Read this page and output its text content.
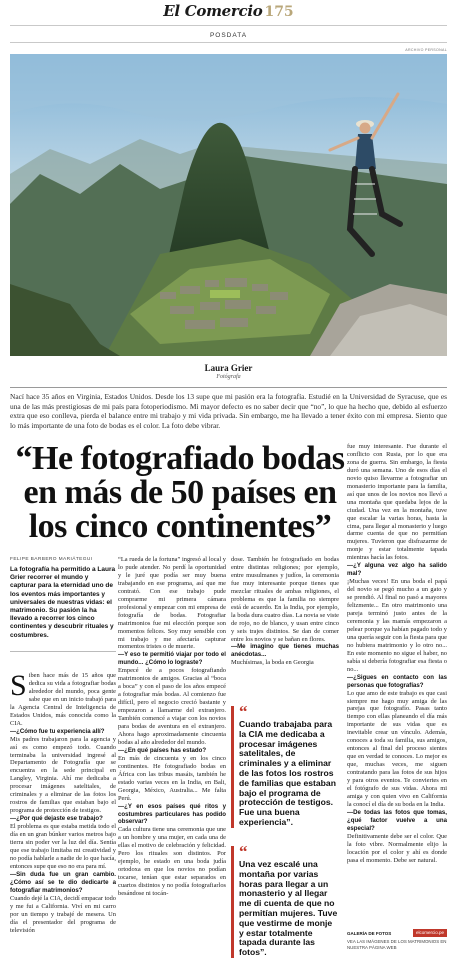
El Comercio 175
POSDATA
ARCHIVO PERSONAL
Laura Grier
Fotógrafa
Nací hace 35 años en Virginia, Estados Unidos. Desde los 13 supe que mi pasión era la fotografía. Estudié en la Universidad de Syracuse, que es una de las más prestigiosas de mi país para fotoperiodismo. Mi mayor defecto es no saber decir que “no”, lo que ha hecho que, debido al esfuerzo extra que eso conlleva, pierda el balance entre mi trabajo y mi vida privada. Sin embargo, me ha llevado a tener éxito con mi empresa. Siento que lo más importante de una foto de bodas es el color. La foto debe vibrar.
“He fotografiado bodas en más de 50 países en los cinco continentes”
FELIPE BARBERO MARIÁTEGUI
La fotografía ha permitido a Laura Grier recorrer el mundo y capturar para la eternidad uno de los eventos más importantes y universales de nuestras vidas: el matrimonio. Su pasión la ha llevado a recorrer los cinco continentes y descubrir rituales y costumbres.

Siben hace más de 15 años que dedica su vida a fotografiar bodas alrededor del mundo, poca gente sabe que en un inicio trabajó para la Agencia Central de Inteligencia de Estados Unidos, más conocida como la CIA.

—¿Cómo fue tu experiencia allí?

Mis padres trabajaron para la agencia y así es como empezó todo. Cuando terminaba la universidad ingresé al Departamento de Fotografía que se encuentra en la sede principal en Langley, Virginia. Ahí me dedicaba a procesar imágenes satelitales, de criminales y a eliminar de las fotos los rostros de familias que estaban bajo el programa de protección de testigos.

—¿Por qué dejaste ese trabajo?

El problema es que estaba metida todo el día en un gran búnker varios metros bajo tierra sin poder ver la luz del día. Sentía que ese trabajo limitaba mi creatividad y no podía hablarle a nadie de lo que hacía, entonces supe que eso no era para mí.

—Sin duda fue un gran cambio. ¿Cómo así se te dio dedicarte a fotografiar matrimonios?

Cuando dejé la CIA, decidí empacar todo y me fui a California. Viví en mi carro por un tiempo y trabajé de mesera. Un día el presentador del programa de televisión

“La rueda de la fortuna” ingresó al local y lo pude atender. No perdí la oportunidad y le juré que podía ser muy buena trabajando en ese programa, así que me contrató. Con ese trabajo pude comprarme mi primera cámara profesional y empezar con mi empresa de fotografía de bodas. Fotografiar matrimonios fue mi elección porque son momentos felices. Soy muy sensible con mi trabajo y me afectaría capturar momentos tristes o de muerte.

—Y eso te permitió viajar por todo el mundo... ¿Cómo lo lograste?

Empecé de a pocos fotografiando matrimonios de amigos. Gracias al “boca a boca” y con el paso de los años empecé a fotografiar más bodas. Al comienzo fue difícil, pero el negocio creció bastante y empezaron a llamarme del extranjero. También comencé a viajar con los novios para bodas de aventura en el extranjero. Ahora hago aproximadamente cincuenta bodas al año alrededor del mundo.

—¿En qué países has estado?

En más de cincuenta y en los cinco continentes. He fotografiado bodas en África con las tribus masáis, también he estado varias veces en la India, en Bali, Georgia, México, Australia... Me falta Perú.

—¿Y en esos países qué ritos y costumbres particulares has podido observar?

Cada cultura tiene una ceremonia que une a un hombre y una mujer, en cada una de ellas el motivo de celebración y felicidad. Pero los rituales son distintos. Por ejemplo, he estado en una boda judía ortodoxa en que los novios no podían tocarse, tenían que estar separados en cuartos distintos y no podía fotografiarlos besándose ni tocán-

dose. También he fotografiado en bodas entre distintas religiones; por ejemplo, entre musulmanes y judíos, la ceremonia fue muy interesante porque tienes que mezclar rituales de ambas religiones, el problema es que la familia no siempre está de acuerdo. En la India, por ejemplo, la boda dura cuatro días. La novia se viste de rojo, no de blanco, y usan entre cinco y seis trajes distintos. Se dan de comer entre los novios y se bañan en flores.

—Me imagino que tienes muchas anécdotas...

Muchísimas, la boda en Georgia

fue muy interesante. Fue durante el conflicto con Rusia, por lo que era zona de guerra. Sin embargo, la fiesta duró una semana. Uno de esos días el novio quiso llevarme a fotografiar un monasterio importante para la familia, así que unos de los novios nos llevó a una montaña que quedaba lejos de la ciudad. Una vez en la montaña, tuve que escalar la varias horas, hasta la cima, para llegar al monasterio y luego darme cuenta de que no permitían mujeres. Tuvieron que disfrazarme de monje y estar totalmente tapada mientras hacía las fotos.

—¿Y alguna vez algo ha salido mal?

¡Muchas veces! En una boda el papá del novio se pegó mucho a un gato y se prendió. Al final no pasó a mayores felizmente... En otro matrimonio una pareja terminó justo antes de la ceremonia y las mamás empezaron a pelear porque ya habían pagado todo y una quería seguir con la fiesta para que no hubiera matrimonio y lo otro no... En este momento no sigue el haber, no sabía si debería fotografiar esa fiesta o no...

—¿Sigues en contacto con las personas que fotografías?

Lo que amo de este trabajo es que casi siempre me hago muy amiga de las parejas que fotografío. Pasas tanto tiempo con ellas planeando el día más importante de sus vidas que es inevitable crear un vínculo. Además, conoces a toda su familia, sus amigos, entonces al final del proceso sientes que en verdad te conoces. Lo mejor es que, muchas veces, me siguen contratando para las fotos de sus hijos y para otros eventos. Te conviertes en el fotógrafo de sus vidas. Ahora mi amiga y con quien vivo en California la conocí el día de su boda en la India.

—De todas las fotos que tomas, ¿qué factor vuelve a una especial?

Definitivamente debe ser el color. Que la foto vibre. Normalmente elijo la locación por el color y ahí es donde pasa el momento. Debe ser natural.

“
Cuando trabajaba para la CIA me dedicaba a procesar imágenes satelitales, de criminales y a eliminar de las fotos los rostros de familias que estaban bajo el programa de protección de testigos. Fue una buena experiencia”.
“
Una vez escalé una montaña por varias horas para llegar a un monasterio y al llegar me di cuenta de que no permitían mujeres. Tuve que vestirme de monje y estar totalmente tapada durante las fotos”.
GALERÍA DE FOTOS	elcomercio.pe
VEA LAS IMÁGENES DE LOS MATRIMONIOS EN NUESTRA PÁGINA WEB
